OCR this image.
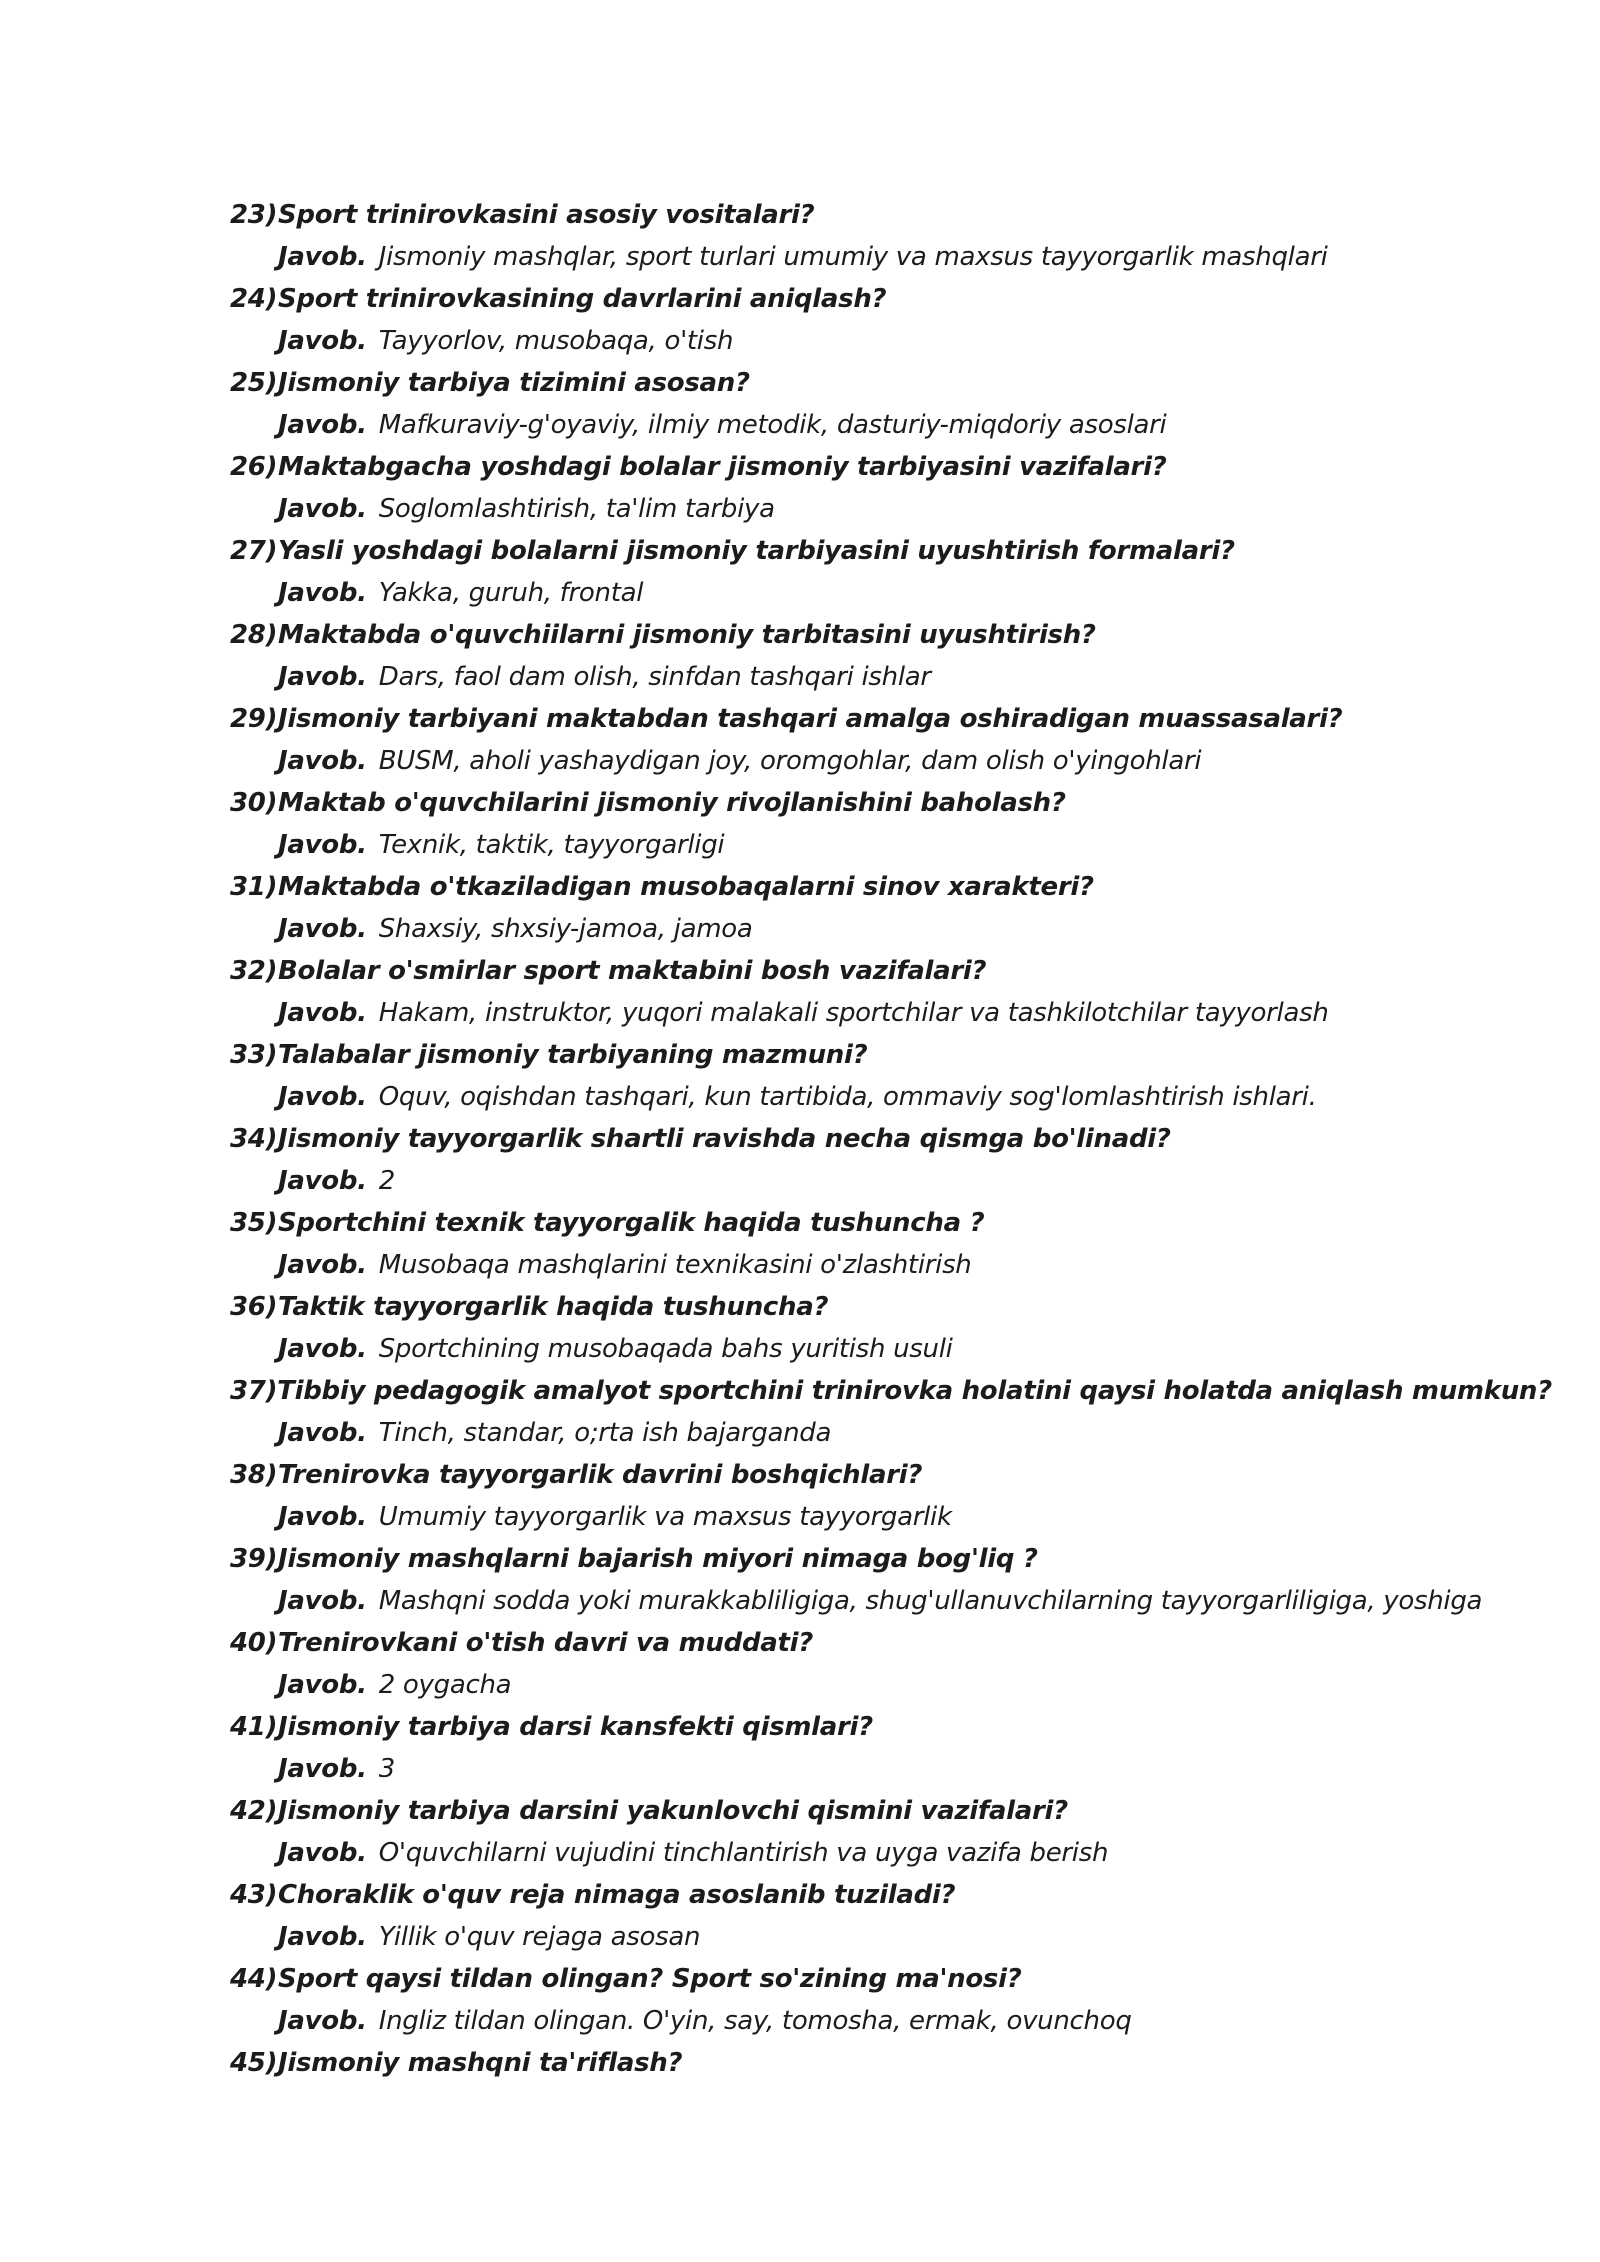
23) Sport trinirovkasini asosiy vositalari?
Javob. Jismoniy mashqlar, sport turlari umumiy va maxsus tayyorgarlik mashqlari
24) Sport trinirovkasining davrlarini aniqlash?
Javob. Tayyorlov, musobaqa, o'tish
25) Jismoniy tarbiya tizimini asosan?
Javob. Mafkuraviy-g'oyaviy, ilmiy metodik, dasturiy-miqdoriy asoslari
26) Maktabgacha yoshdagi bolalar jismoniy tarbiyasini vazifalari?
Javob. Soglomlashtirish, ta'lim tarbiya
27) Yasli yoshdagi bolalarni jismoniy tarbiyasini uyushtirish formalari?
Javob. Yakka, guruh, frontal
28) Maktabda o'quvchiilarni jismoniy tarbitasini uyushtirish?
Javob. Dars, faol dam olish, sinfdan tashqari ishlar
29) Jismoniy tarbiyani maktabdan tashqari amalga oshiradigan muassasalari?
Javob. BUSM, aholi yashaydigan joy, oromgohlar, dam olish o'yingohlari
30) Maktab o'quvchilarini jismoniy rivojlanishini baholash?
Javob. Texnik, taktik, tayyorgarligi
31) Maktabda o'tkaziladigan musobaqalarni sinov xarakteri?
Javob. Shaxsiy, shxsiy-jamoa, jamoa
32) Bolalar o'smirlar sport maktabini bosh vazifalari?
Javob. Hakam, instruktor, yuqori malakali sportchilar va tashkilotchilar tayyorlash
33) Talabalar jismoniy tarbiyaning mazmuni?
Javob. Oquv, oqishdan tashqari, kun tartibida, ommaviy sog'lomlashtirish ishlari.
34) Jismoniy tayyorgarlik shartli ravishda necha qismga bo'linadi?
Javob. 2
35) Sportchini texnik tayyorgalik haqida tushuncha ?
Javob. Musobaqa mashqlarini texnikasini o'zlashtirish
36) Taktik tayyorgarlik haqida tushuncha?
Javob. Sportchining musobaqada bahs yuritish usuli
37) Tibbiy pedagogik amalyot sportchini trinirovka holatini qaysi holatda aniqlash mumkun?
Javob. Tinch, standar, o;rta ish bajarganda
38) Trenirovka tayyorgarlik davrini boshqichlari?
Javob. Umumiy tayyorgarlik va maxsus tayyorgarlik
39) Jismoniy mashqlarni bajarish miyori nimaga bog'liq ?
Javob. Mashqni sodda yoki murakkabliligiga, shug'ullanuvchilarning tayyorgarliligiga, yoshiga
40) Trenirovkani o'tish davri va muddati?
Javob. 2 oygacha
41) Jismoniy tarbiya darsi kansfekti qismlari?
Javob. 3
42) Jismoniy tarbiya darsini yakunlovchi qismini vazifalari?
Javob. O'quvchilarni vujudini tinchlantirish va uyga vazifa berish
43) Choraklik o'quv reja nimaga asoslanib tuziladi?
Javob. Yillik o'quv rejaga asosan
44) Sport qaysi tildan olingan? Sport so'zining ma'nosi?
Javob. Ingliz tildan olingan. O'yin, say, tomosha, ermak, ovunchoq
45) Jismoniy mashqni ta'riflash?
